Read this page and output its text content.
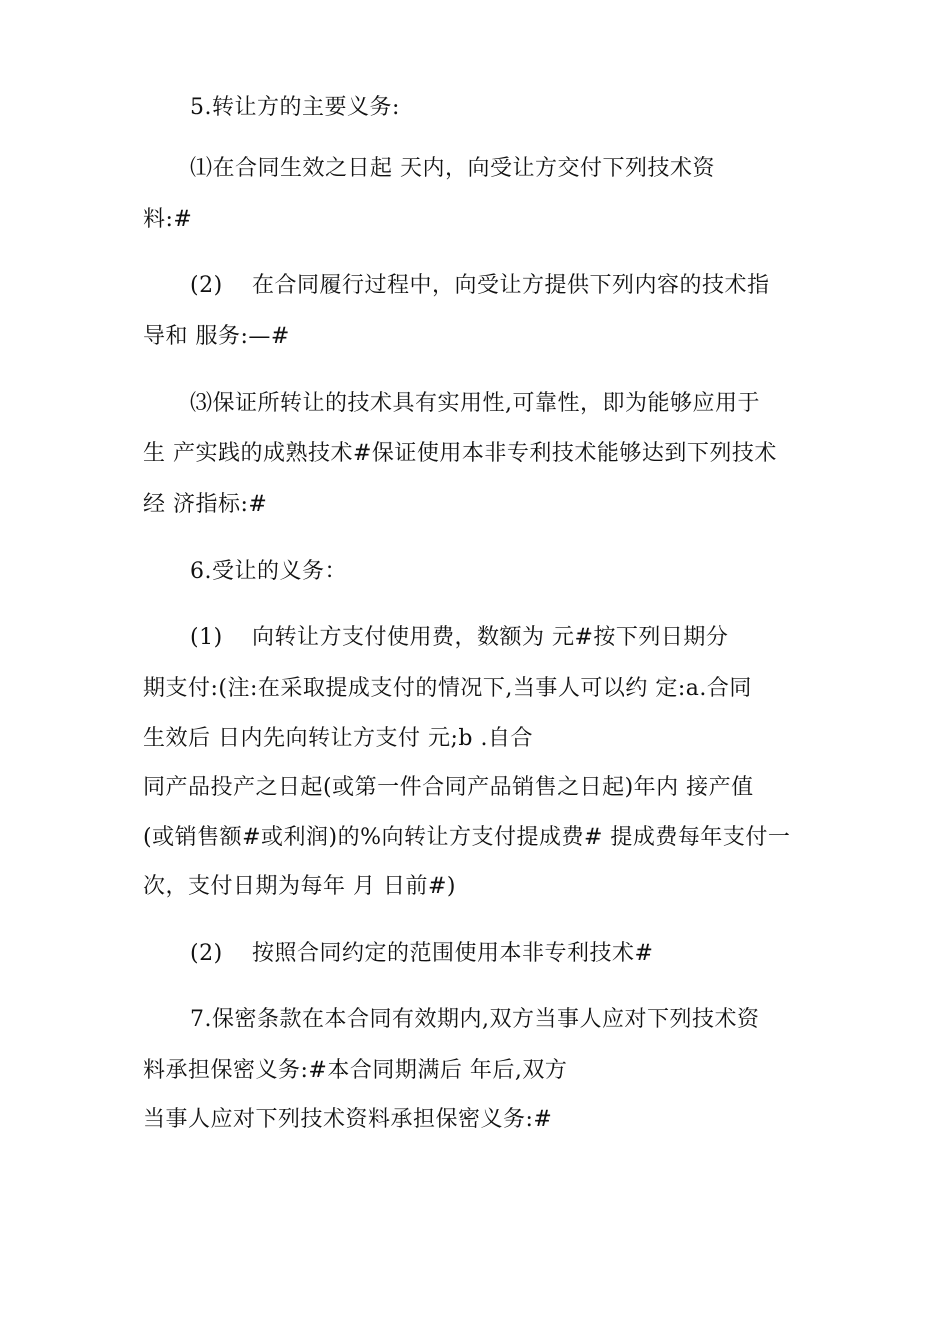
5.转让方的主要义务:
⑴在合同生效之日起 天内，向受让方交付下列技术资
料:#
(2) 在合同履行过程中，向受让方提供下列内容的技术指
导和 服务:—#
⑶保证所转让的技术具有实用性,可靠性，即为能够应用于
生 产实践的成熟技术#保证使用本非专利技术能够达到下列技术
经 济指标:#
6.受让的义务：
(1) 向转让方支付使用费，数额为 元#按下列日期分
期支付:(注:在采取提成支付的情况下,当事人可以约 定:a.合同
生效后 日内先向转让方支付 元;b .自合
同产品投产之日起(或第一件合同产品销售之日起)年内 接产值
(或销售额#或利润)的%向转让方支付提成费# 提成费每年支付一
次，支付日期为每年 月 日前#)
(2) 按照合同约定的范围使用本非专利技术#
7.保密条款在本合同有效期内,双方当事人应对下列技术资
料承担保密义务:#本合同期满后 年后,双方
当事人应对下列技术资料承担保密义务:#
